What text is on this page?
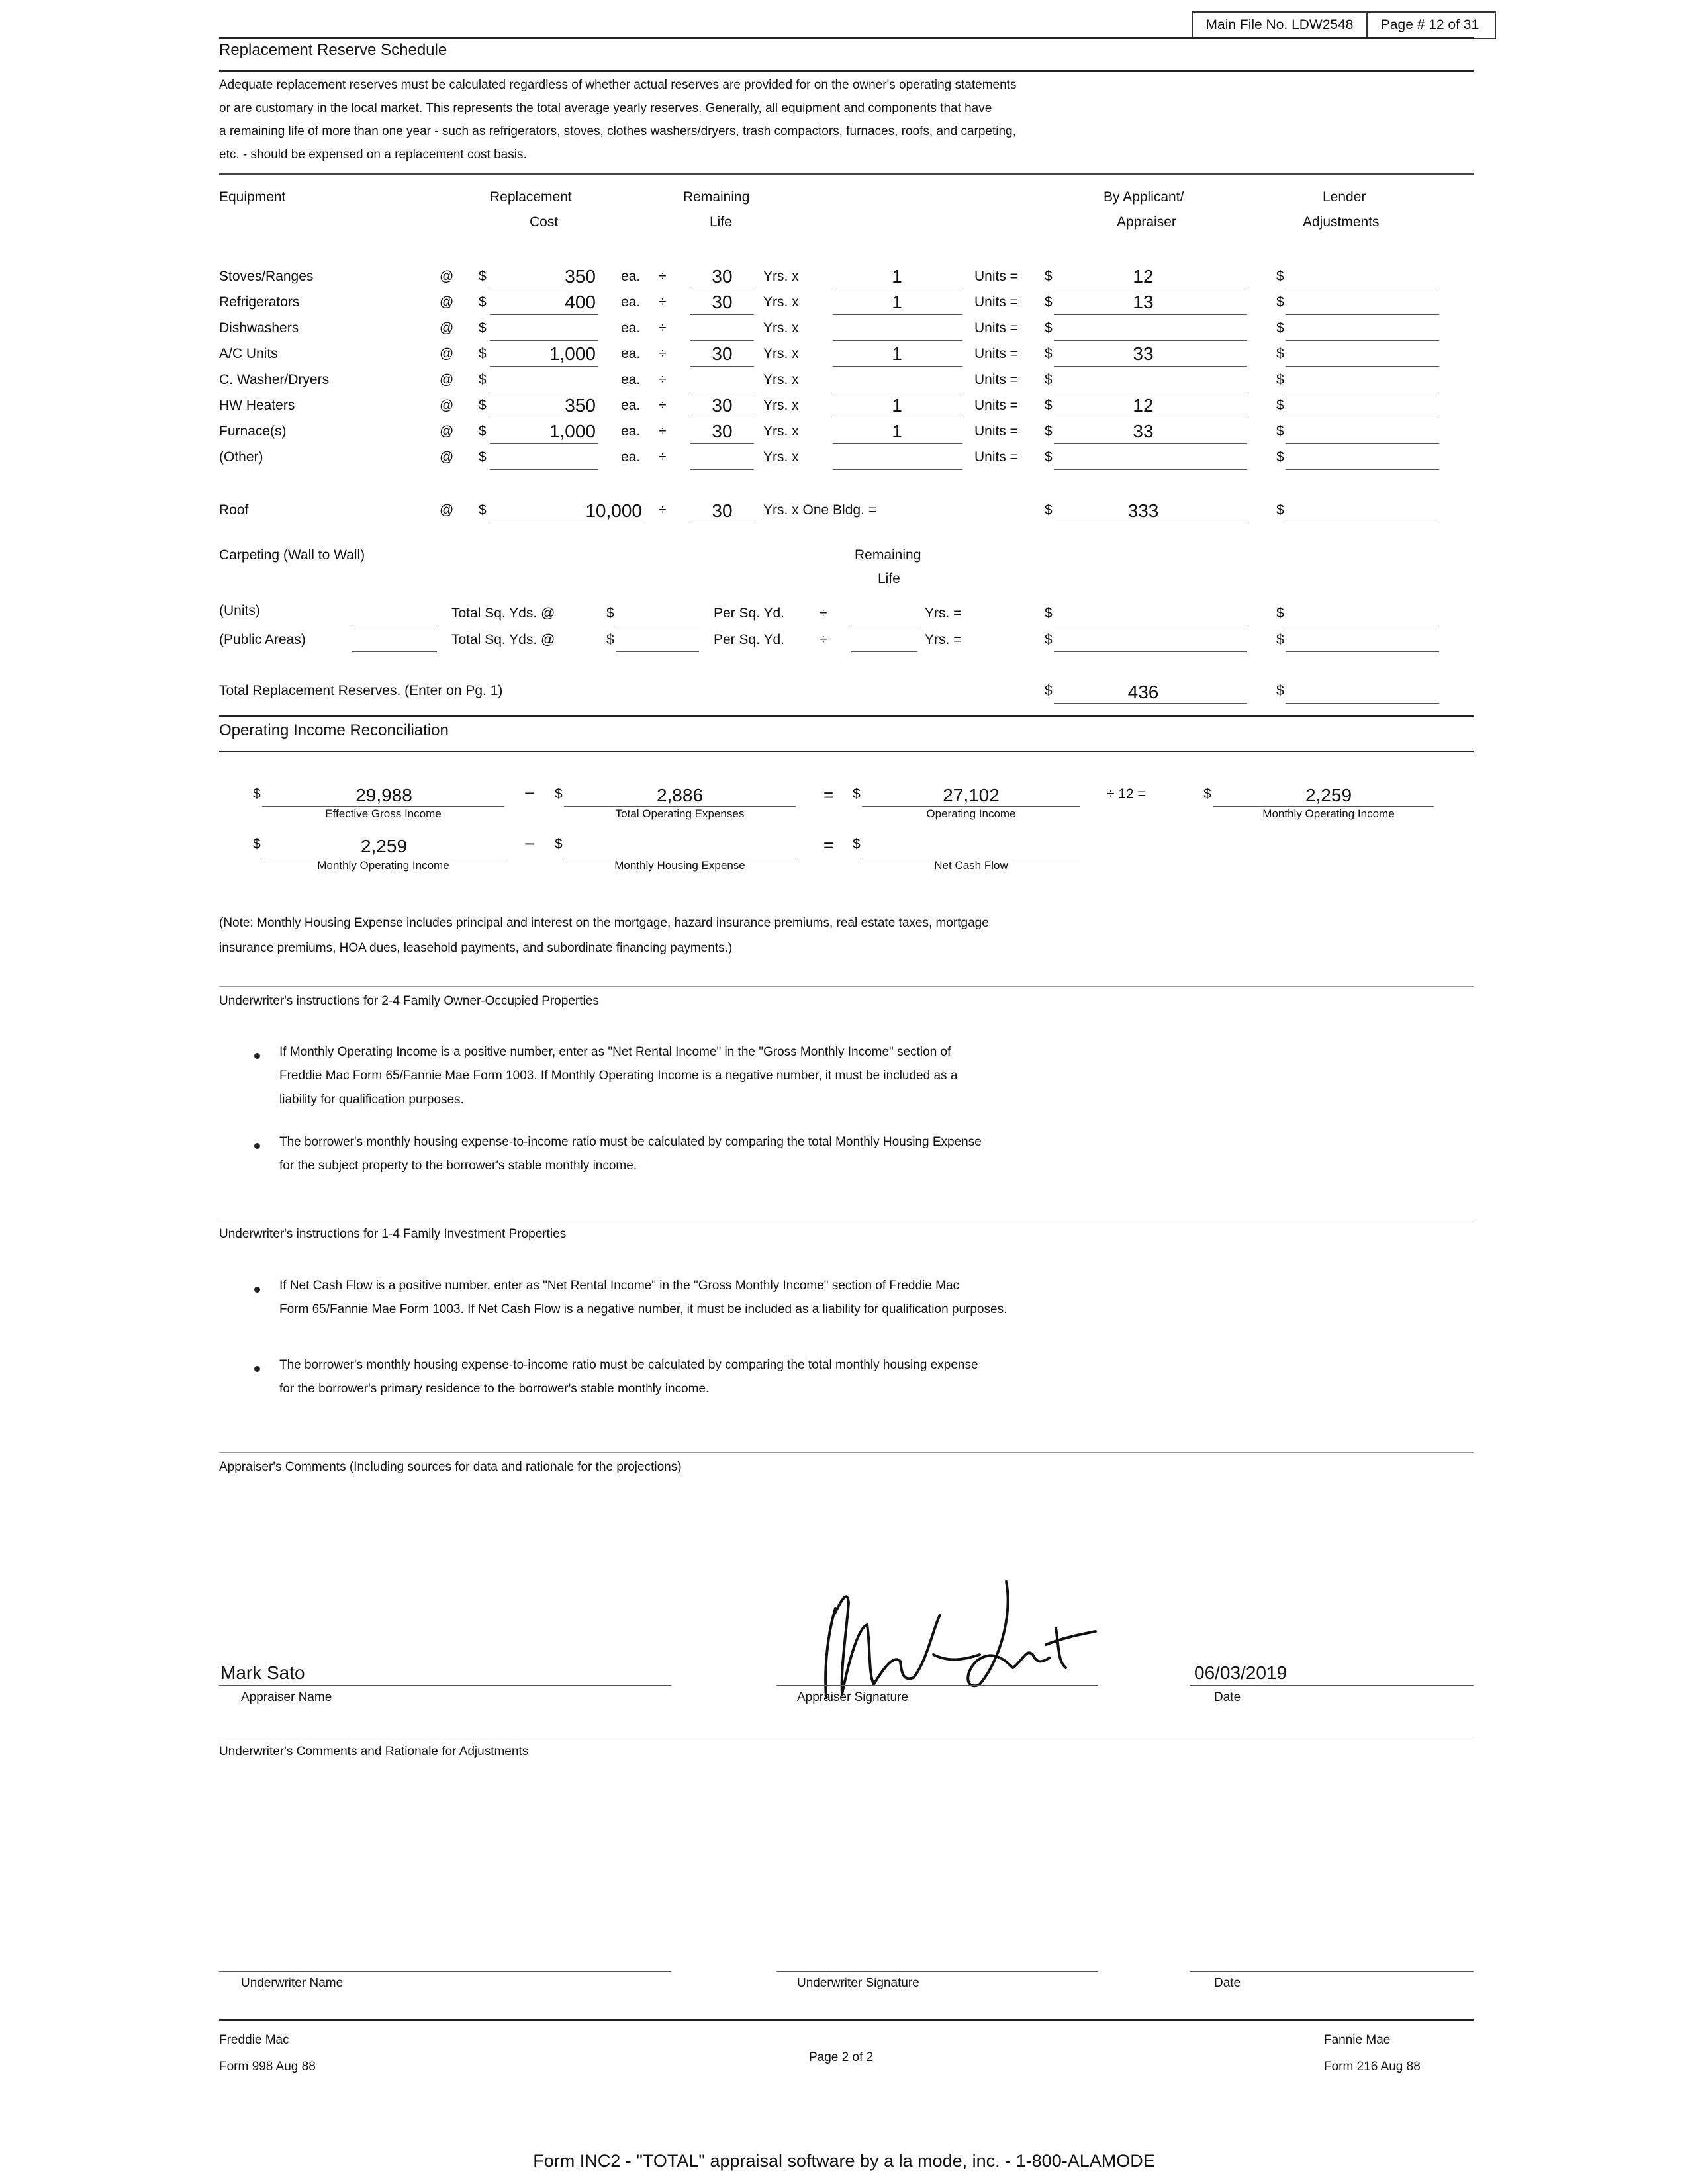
Main File No. LDW2548	Page # 12 of 31
Replacement Reserve Schedule
Adequate replacement reserves must be calculated regardless of whether actual reserves are provided for on the owner's operating statements
or are customary in the local market. This represents the total average yearly reserves. Generally, all equipment and components that have
a remaining life of more than one year - such as refrigerators, stoves, clothes washers/dryers, trash compactors, furnaces, roofs, and carpeting,
etc. - should be expensed on a replacement cost basis.
Equipment	Replacement
Cost
Remaining
Life
By Applicant/
Appraiser
Lender
Adjustments
Stoves/Ranges	@ $	350 ea. ÷	30	Yrs. x	1	Units = $	12	$
Refrigerators	@ $	400 ea. ÷	30	Yrs. x	1	Units = $	13	$
Dishwashers	@ $	ea. ÷	Yrs. x	Units = $	$
A/C Units	@ $	1,000 ea. ÷	30	Yrs. x	1	Units = $	33	$
C. Washer/Dryers	@ $	ea. ÷	Yrs. x	Units = $	$
HW Heaters	@ $	350 ea. ÷	30	Yrs. x	1	Units = $	12	$
Furnace(s)	@ $	1,000 ea. ÷	30	Yrs. x	1	Units = $	33	$
(Other)	@ $	ea. ÷	Yrs. x	Units = $	$
Roof	@ $	10,000 ÷	30	Yrs. x One Bldg. =	$	333	$
Carpeting (Wall to Wall)	Remaining
Life
(Units)	Total Sq. Yds. @	$	Per Sq. Yd.	÷	Yrs. =	$	$
(Public Areas)	Total Sq. Yds. @	$	Per Sq. Yd.	÷	Yrs. =	$	$
Total Replacement Reserves. (Enter on Pg. 1)	$	436	$
Operating Income Reconciliation
$	29,988
Effective Gross Income
− $	2,886
Total Operating Expenses
= $	27,102
Operating Income
÷ 12 =	$	2,259
Monthly Operating Income
$	2,259
Monthly Operating Income
− $
Monthly Housing Expense
= $
Net Cash Flow
(Note: Monthly Housing Expense includes principal and interest on the mortgage, hazard insurance premiums, real estate taxes, mortgage
insurance premiums, HOA dues, leasehold payments, and subordinate financing payments.)
Underwriter's instructions for 2-4 Family Owner-Occupied Properties
If Monthly Operating Income is a positive number, enter as "Net Rental Income" in the "Gross Monthly Income" section of
Freddie Mac Form 65/Fannie Mae Form 1003. If Monthly Operating Income is a negative number, it must be included as a
liability for qualification purposes.
The borrower's monthly housing expense-to-income ratio must be calculated by comparing the total Monthly Housing Expense
for the subject property to the borrower's stable monthly income.
Underwriter's instructions for 1-4 Family Investment Properties
If Net Cash Flow is a positive number, enter as "Net Rental Income" in the "Gross Monthly Income" section of Freddie Mac
Form 65/Fannie Mae Form 1003. If Net Cash Flow is a negative number, it must be included as a liability for qualification purposes.
The borrower's monthly housing expense-to-income ratio must be calculated by comparing the total monthly housing expense
for the borrower's primary residence to the borrower's stable monthly income.
Appraiser's Comments (Including sources for data and rationale for the projections)
Mark Sato
Appraiser Name	Appraiser Signature
06/03/2019
Date
Underwriter's Comments and Rationale for Adjustments
Underwriter Name	Underwriter Signature	Date
Freddie Mac
Form 998 Aug 88
Page 2 of 2
Fannie Mae
Form 216 Aug 88
Form INC2 - "TOTAL" appraisal software by a la mode, inc. - 1-800-ALAMODE
